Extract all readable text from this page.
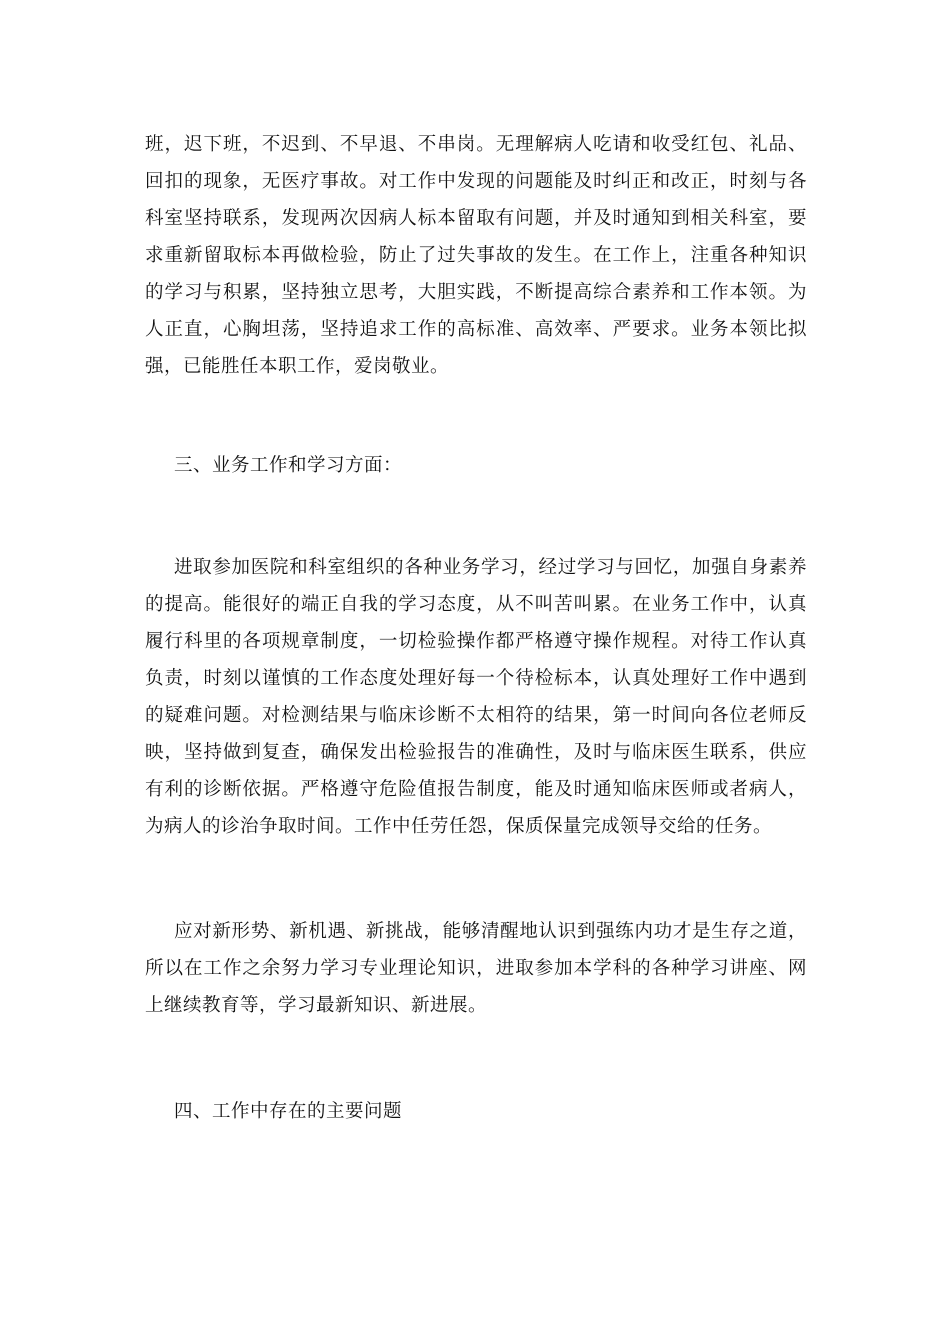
班，迟下班，不迟到、不早退、不串岗。无理解病人吃请和收受红包、礼品、回扣的现象，无医疗事故。对工作中发现的问题能及时纠正和改正，时刻与各科室坚持联系，发现两次因病人标本留取有问题，并及时通知到相关科室，要求重新留取标本再做检验，防止了过失事故的发生。在工作上，注重各种知识的学习与积累，坚持独立思考，大胆实践，不断提高综合素养和工作本领。为人正直，心胸坦荡，坚持追求工作的高标准、高效率、严要求。业务本领比拟强，已能胜任本职工作，爱岗敬业。

三、业务工作和学习方面：

进取参加医院和科室组织的各种业务学习，经过学习与回忆，加强自身素养的提高。能很好的端正自我的学习态度，从不叫苦叫累。在业务工作中，认真履行科里的各项规章制度，一切检验操作都严格遵守操作规程。对待工作认真负责，时刻以谨慎的工作态度处理好每一个待检标本，认真处理好工作中遇到的疑难问题。对检测结果与临床诊断不太相符的结果，第一时间向各位老师反映，坚持做到复查，确保发出检验报告的准确性，及时与临床医生联系，供应有利的诊断依据。严格遵守危险值报告制度，能及时通知临床医师或者病人，为病人的诊治争取时间。工作中任劳任怨，保质保量完成领导交给的任务。

应对新形势、新机遇、新挑战，能够清醒地认识到强练内功才是生存之道，所以在工作之余努力学习专业理论知识，进取参加本学科的各种学习讲座、网上继续教育等，学习最新知识、新进展。

四、工作中存在的主要问题
